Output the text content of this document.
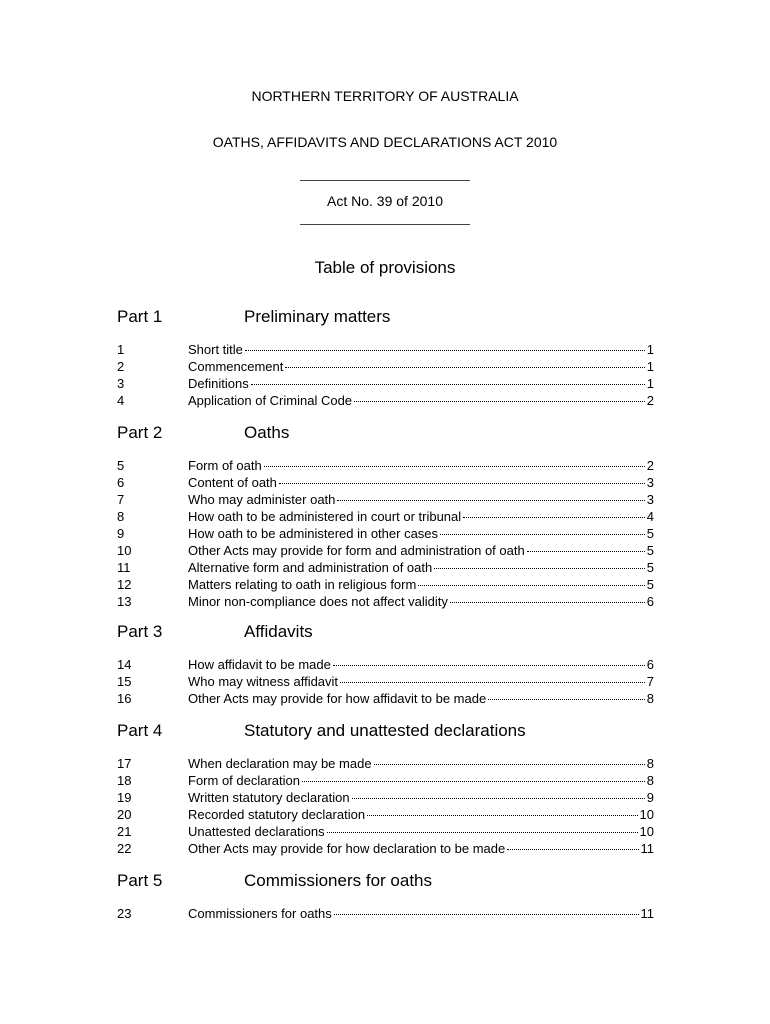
NORTHERN TERRITORY OF AUSTRALIA
OATHS, AFFIDAVITS AND DECLARATIONS ACT 2010
Act No. 39 of 2010
Table of provisions
Part 1	Preliminary matters
1	Short title	1
2	Commencement	1
3	Definitions	1
4	Application of Criminal Code	2
Part 2	Oaths
5	Form of oath	2
6	Content of oath	3
7	Who may administer oath	3
8	How oath to be administered in court or tribunal	4
9	How oath to be administered in other cases	5
10	Other Acts may provide for form and administration of oath	5
11	Alternative form and administration of oath	5
12	Matters relating to oath in religious form	5
13	Minor non-compliance does not affect validity	6
Part 3	Affidavits
14	How affidavit to be made	6
15	Who may witness affidavit	7
16	Other Acts may provide for how affidavit to be made	8
Part 4	Statutory and unattested declarations
17	When declaration may be made	8
18	Form of declaration	8
19	Written statutory declaration	9
20	Recorded statutory declaration	10
21	Unattested declarations	10
22	Other Acts may provide for how declaration to be made	11
Part 5	Commissioners for oaths
23	Commissioners for oaths	11
